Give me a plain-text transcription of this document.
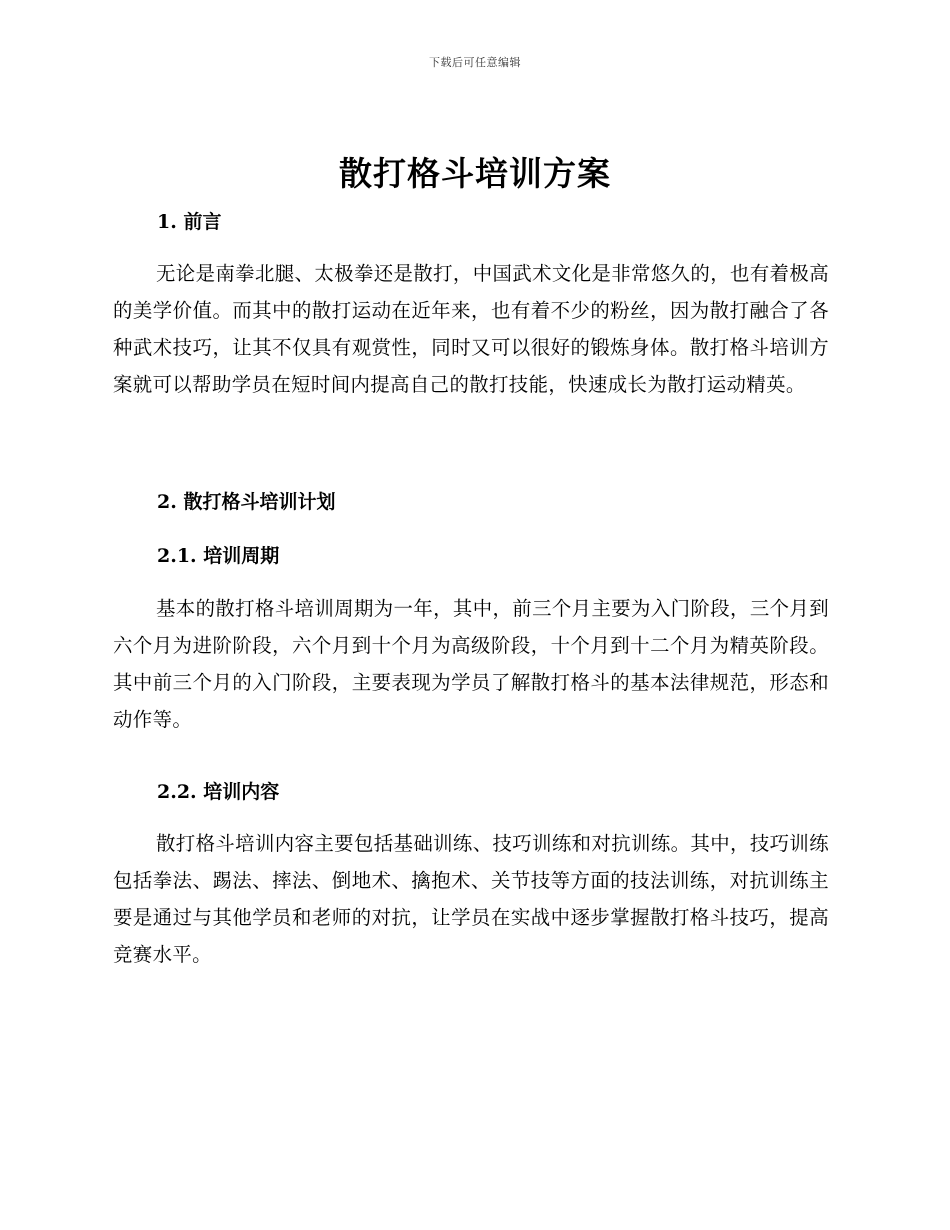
下载后可任意编辑
散打格斗培训方案
1. 前言

无论是南拳北腿、太极拳还是散打，中国武术文化是非常悠久的，也有着极高的美学价值。而其中的散打运动在近年来，也有着不少的粉丝，因为散打融合了各种武术技巧，让其不仅具有观赏性，同时又可以很好的锻炼身体。散打格斗培训方案就可以帮助学员在短时间内提高自己的散打技能，快速成长为散打运动精英。

2. 散打格斗培训计划
2.1. 培训周期

基本的散打格斗培训周期为一年，其中，前三个月主要为入门阶段，三个月到六个月为进阶阶段，六个月到十个月为高级阶段，十个月到十二个月为精英阶段。其中前三个月的入门阶段，主要表现为学员了解散打格斗的基本法律规范，形态和动作等。

2.2. 培训内容

散打格斗培训内容主要包括基础训练、技巧训练和对抗训练。其中，技巧训练包括拳法、踢法、摔法、倒地术、擒抱术、关节技等方面的技法训练，对抗训练主要是通过与其他学员和老师的对抗，让学员在实战中逐步掌握散打格斗技巧，提高竞赛水平。
